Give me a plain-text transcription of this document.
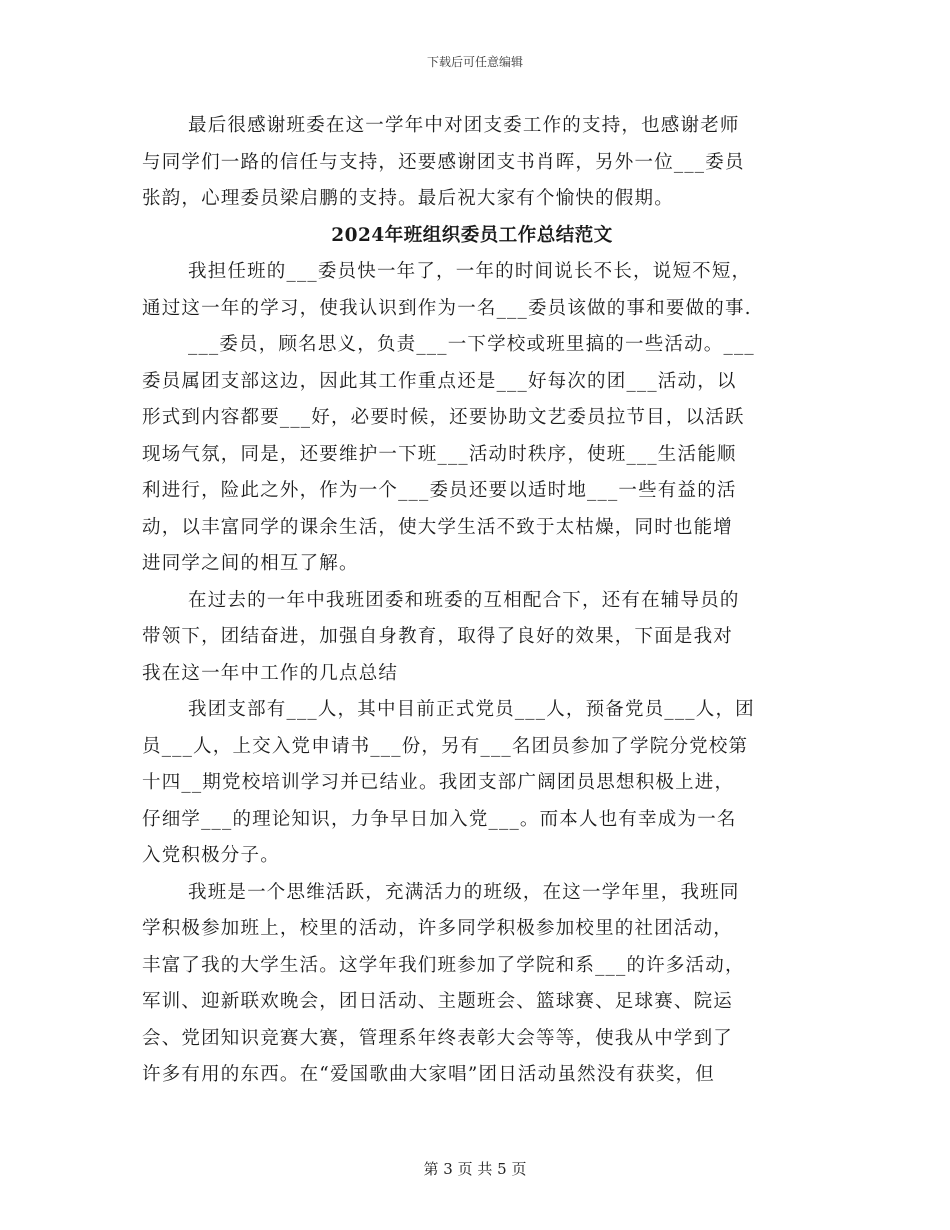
下载后可任意编辑
最后很感谢班委在这一学年中对团支委工作的支持，也感谢老师
与同学们一路的信任与支持，还要感谢团支书肖晖，另外一位___委员
张韵，心理委员梁启鹏的支持。最后祝大家有个愉快的假期。
2024年班组织委员工作总结范文
我担任班的___委员快一年了，一年的时间说长不长，说短不短，
通过这一年的学习，使我认识到作为一名___委员该做的事和要做的事.
___委员，顾名思义，负责___一下学校或班里搞的一些活动。___
委员属团支部这边，因此其工作重点还是___好每次的团___活动，以
形式到内容都要___好，必要时候，还要协助文艺委员拉节目，以活跃
现场气氛，同是，还要维护一下班___活动时秩序，使班___生活能顺
利进行，险此之外，作为一个___委员还要以适时地___一些有益的活
动，以丰富同学的课余生活，使大学生活不致于太枯燥，同时也能增
进同学之间的相互了解。
在过去的一年中我班团委和班委的互相配合下，还有在辅导员的
带领下，团结奋进，加强自身教育，取得了良好的效果，下面是我对
我在这一年中工作的几点总结
我团支部有___人，其中目前正式党员___人，预备党员___人，团
员___人，上交入党申请书___份，另有___名团员参加了学院分党校第
十四__期党校培训学习并已结业。我团支部广阔团员思想积极上进，
仔细学___的理论知识，力争早日加入党___。而本人也有幸成为一名
入党积极分子。
我班是一个思维活跃，充满活力的班级，在这一学年里，我班同
学积极参加班上，校里的活动，许多同学积极参加校里的社团活动，
丰富了我的大学生活。这学年我们班参加了学院和系___的许多活动，
军训、迎新联欢晚会，团日活动、主题班会、篮球赛、足球赛、院运
会、党团知识竞赛大赛，管理系年终表彰大会等等，使我从中学到了
许多有用的东西。在“爱国歌曲大家唱”团日活动虽然没有获奖，但
第 3 页 共 5 页
